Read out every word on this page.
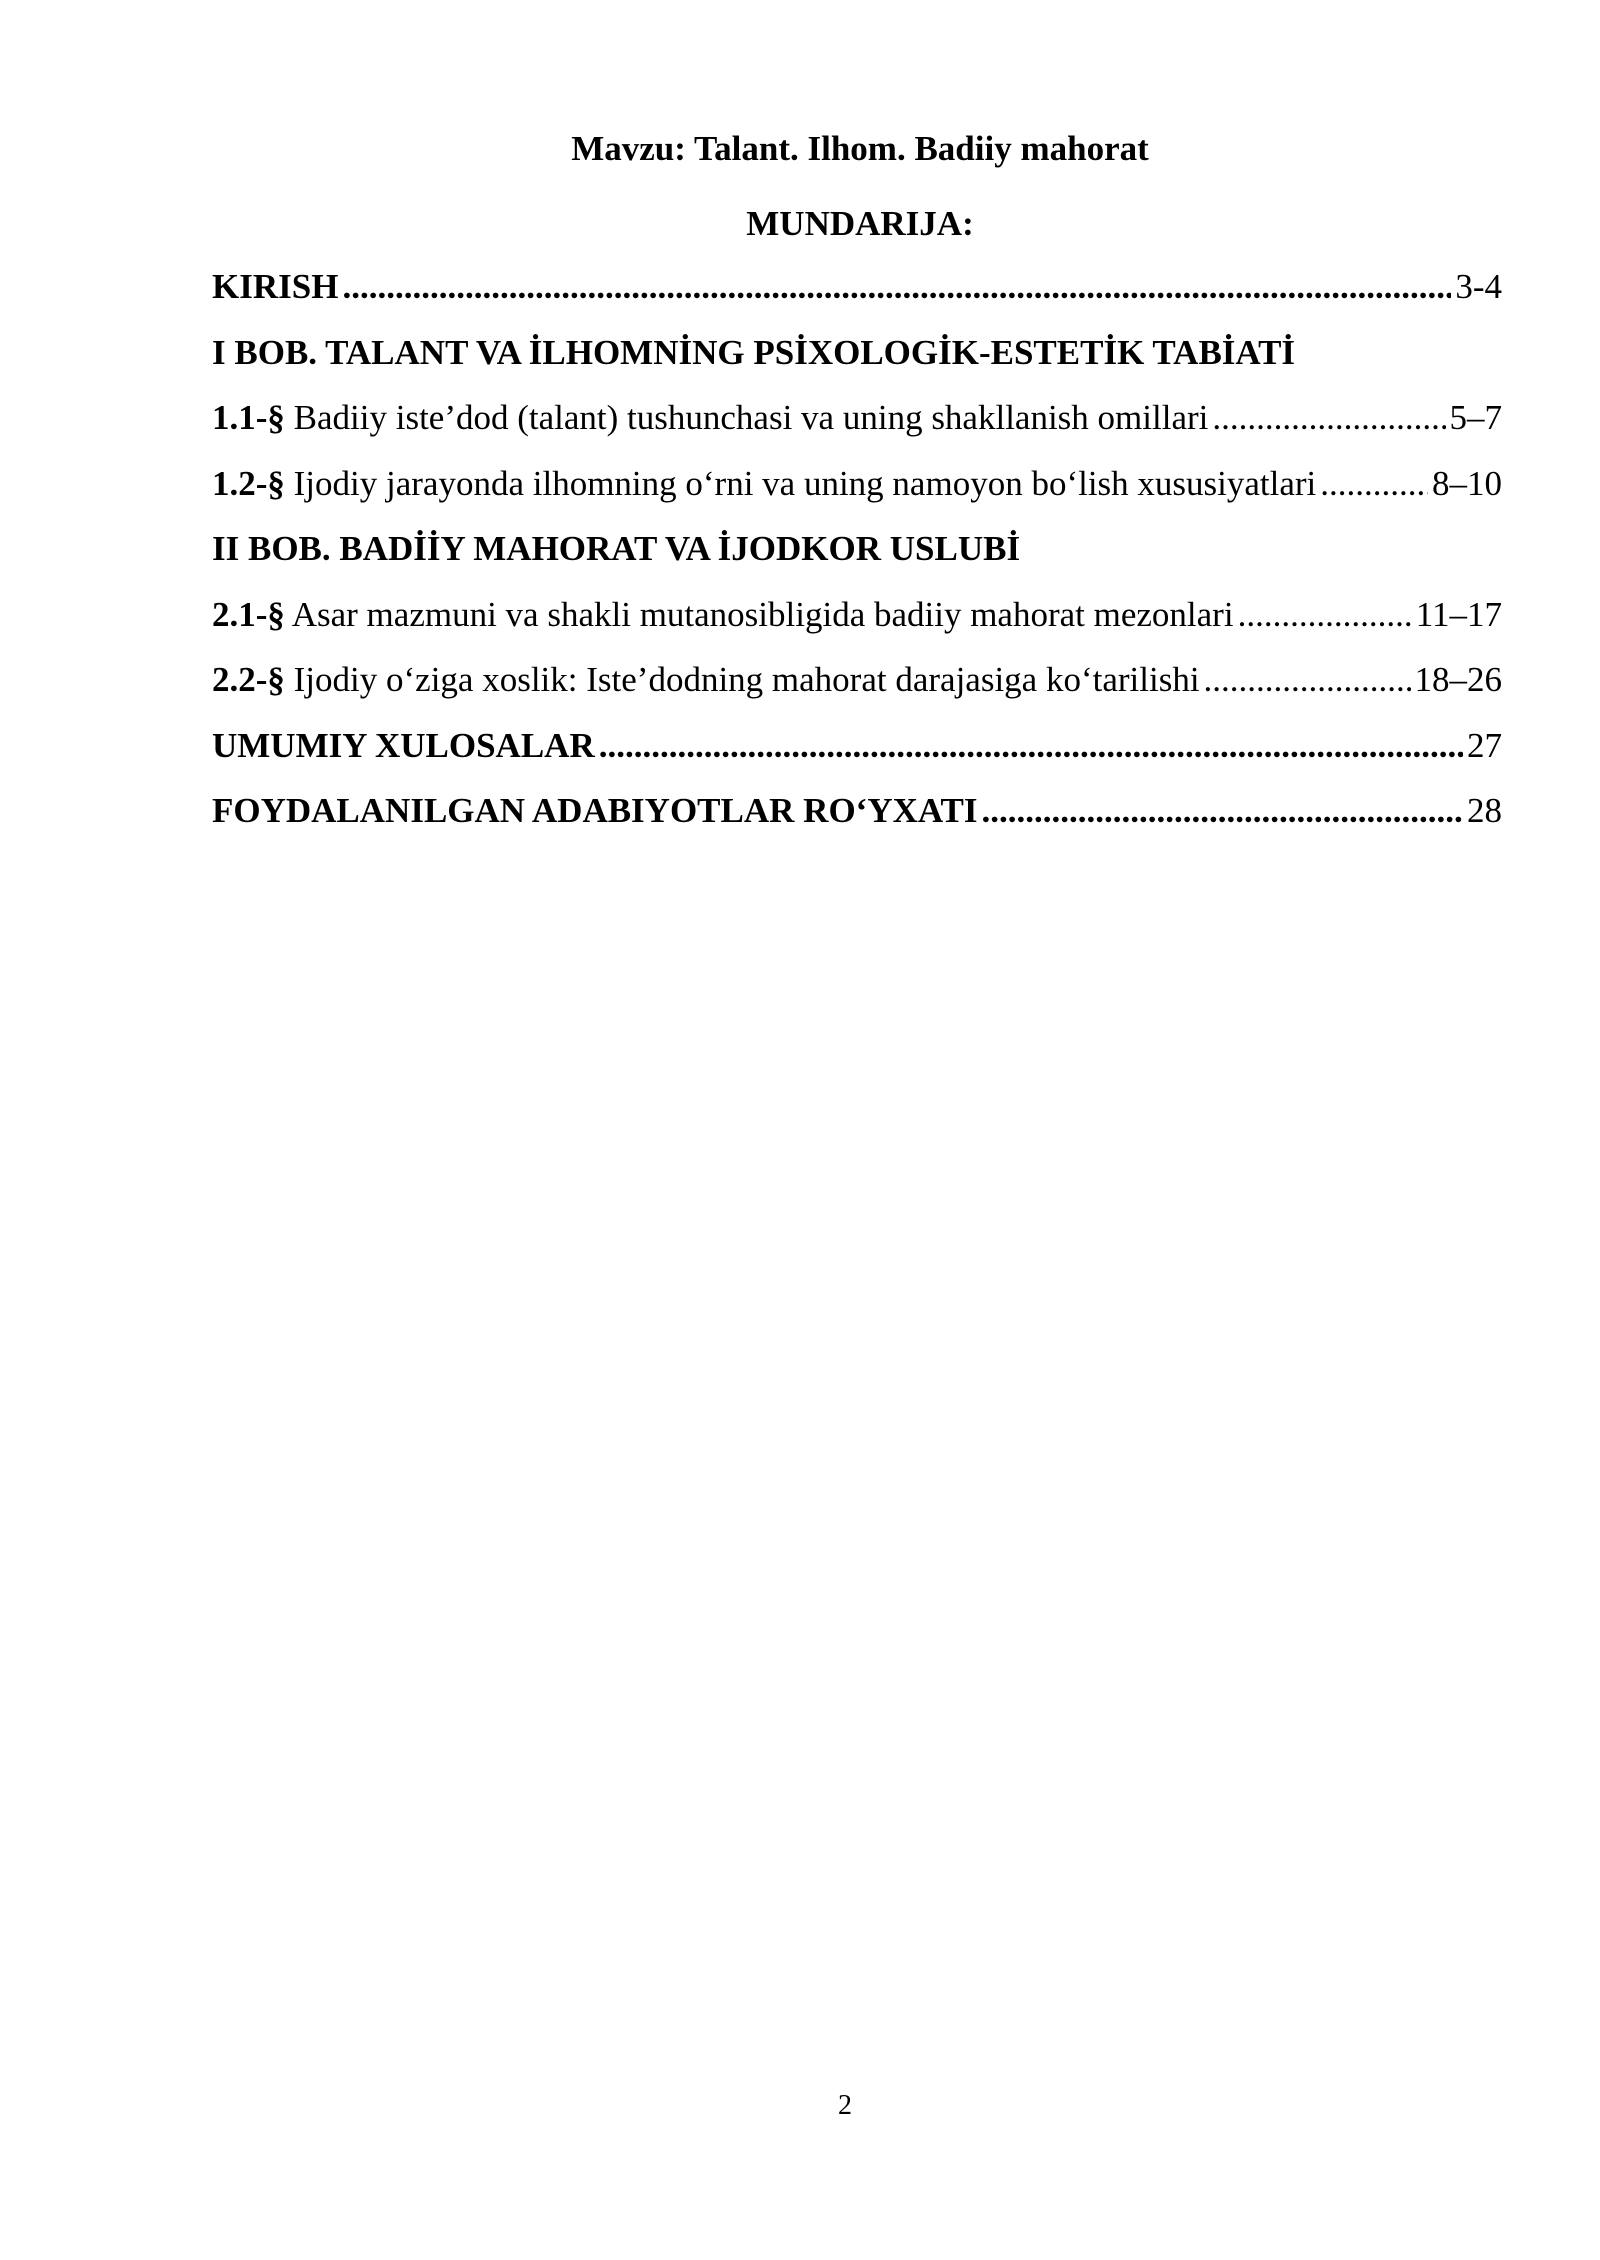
Mavzu: Talant. Ilhom. Badiiy mahorat
MUNDARIJA:
KIRISH .....	3-4
I BOB. TALANT VA İLHOMNİNG PSİXOLOGİK-ESTETİK TABİATİ
1.1-§ Badiiy iste’dod (talant) tushunchasi va uning shakllanish omillari .....	5–7
1.2-§ Ijodiy jarayonda ilhomning o‘rni va uning namoyon bo‘lish xususiyatlari .....	8–10
II BOB. BADİİY MAHORAT VA İJODKOR USLUBİ
2.1-§ Asar mazmuni va shakli mutanosibligida badiiy mahorat mezonlari .....	11–17
2.2-§ Ijodiy o‘ziga xoslik: Iste’dodning mahorat darajasiga ko‘tarilishi .....	18–26
UMUMIY XULOSALAR .....	27
FOYDALANILGAN ADABIYOTLAR RO‘YXATI .....	28
2
